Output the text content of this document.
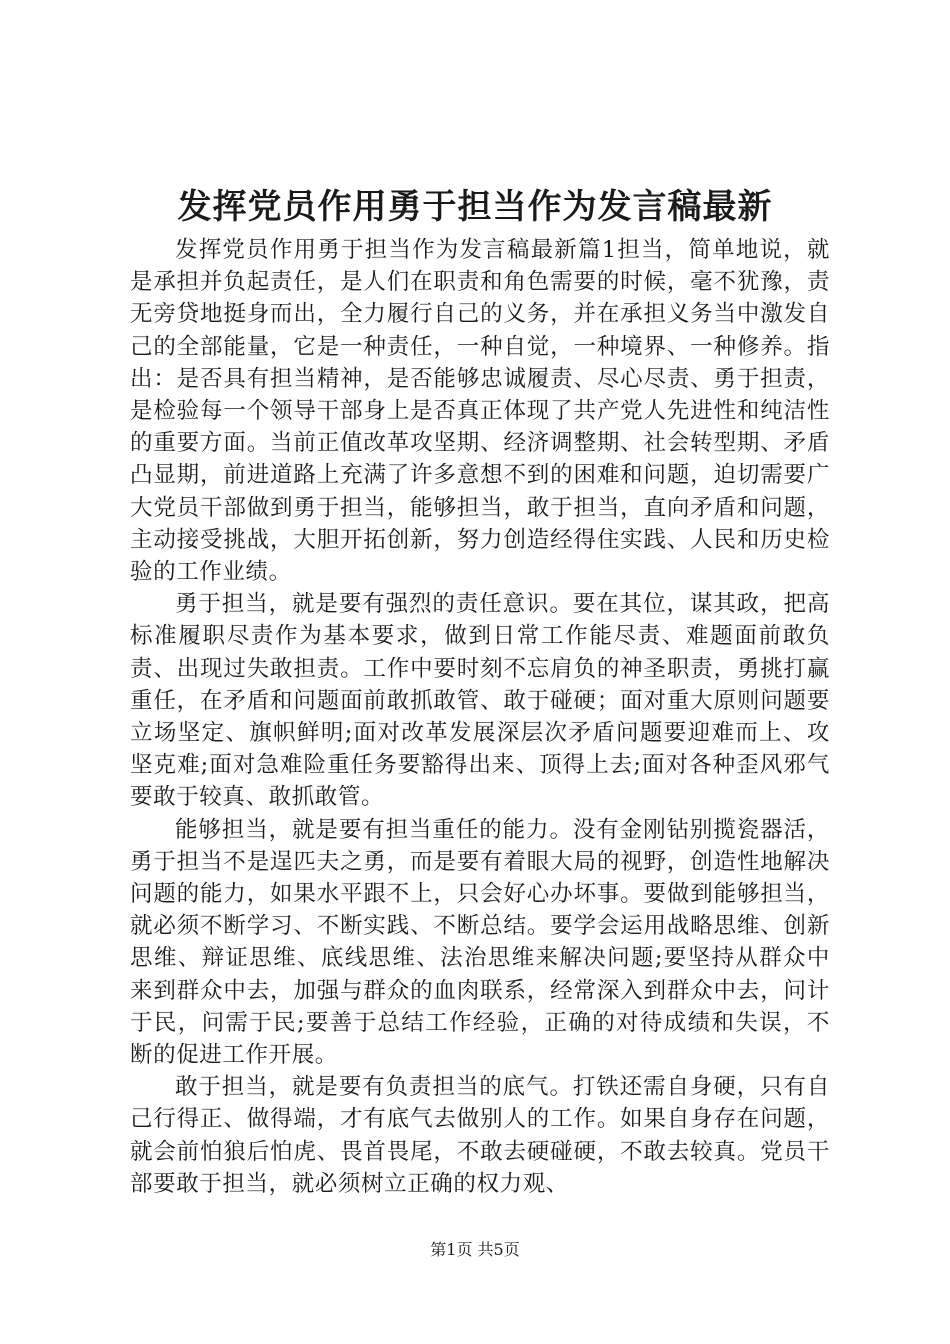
发挥党员作用勇于担当作为发言稿最新

发挥党员作用勇于担当作为发言稿最新篇1担当，简单地说，就是承担并负起责任，是人们在职责和角色需要的时候，毫不犹豫，责无旁贷地挺身而出，全力履行自己的义务，并在承担义务当中激发自己的全部能量，它是一种责任，一种自觉，一种境界、一种修养。指出：是否具有担当精神，是否能够忠诚履责、尽心尽责、勇于担责，是检验每一个领导干部身上是否真正体现了共产党人先进性和纯洁性的重要方面。当前正值改革攻坚期、经济调整期、社会转型期、矛盾凸显期，前进道路上充满了许多意想不到的困难和问题，迫切需要广大党员干部做到勇于担当，能够担当，敢于担当，直向矛盾和问题，主动接受挑战，大胆开拓创新，努力创造经得住实践、人民和历史检验的工作业绩。

勇于担当，就是要有强烈的责任意识。要在其位，谋其政，把高标准履职尽责作为基本要求，做到日常工作能尽责、难题面前敢负责、出现过失敢担责。工作中要时刻不忘肩负的神圣职责，勇挑打赢重任，在矛盾和问题面前敢抓敢管、敢于碰硬；面对重大原则问题要立场坚定、旗帜鲜明;面对改革发展深层次矛盾问题要迎难而上、攻坚克难;面对急难险重任务要豁得出来、顶得上去;面对各种歪风邪气要敢于较真、敢抓敢管。

能够担当，就是要有担当重任的能力。没有金刚钻别揽瓷器活，勇于担当不是逞匹夫之勇，而是要有着眼大局的视野，创造性地解决问题的能力，如果水平跟不上，只会好心办坏事。要做到能够担当，就必须不断学习、不断实践、不断总结。要学会运用战略思维、创新思维、辩证思维、底线思维、法治思维来解决问题;要坚持从群众中来到群众中去，加强与群众的血肉联系，经常深入到群众中去，问计于民，问需于民;要善于总结工作经验，正确的对待成绩和失误，不断的促进工作开展。

敢于担当，就是要有负责担当的底气。打铁还需自身硬，只有自己行得正、做得端，才有底气去做别人的工作。如果自身存在问题，就会前怕狼后怕虎、畏首畏尾，不敢去硬碰硬，不敢去较真。党员干部要敢于担当，就必须树立正确的权力观、

第1页 共5页
